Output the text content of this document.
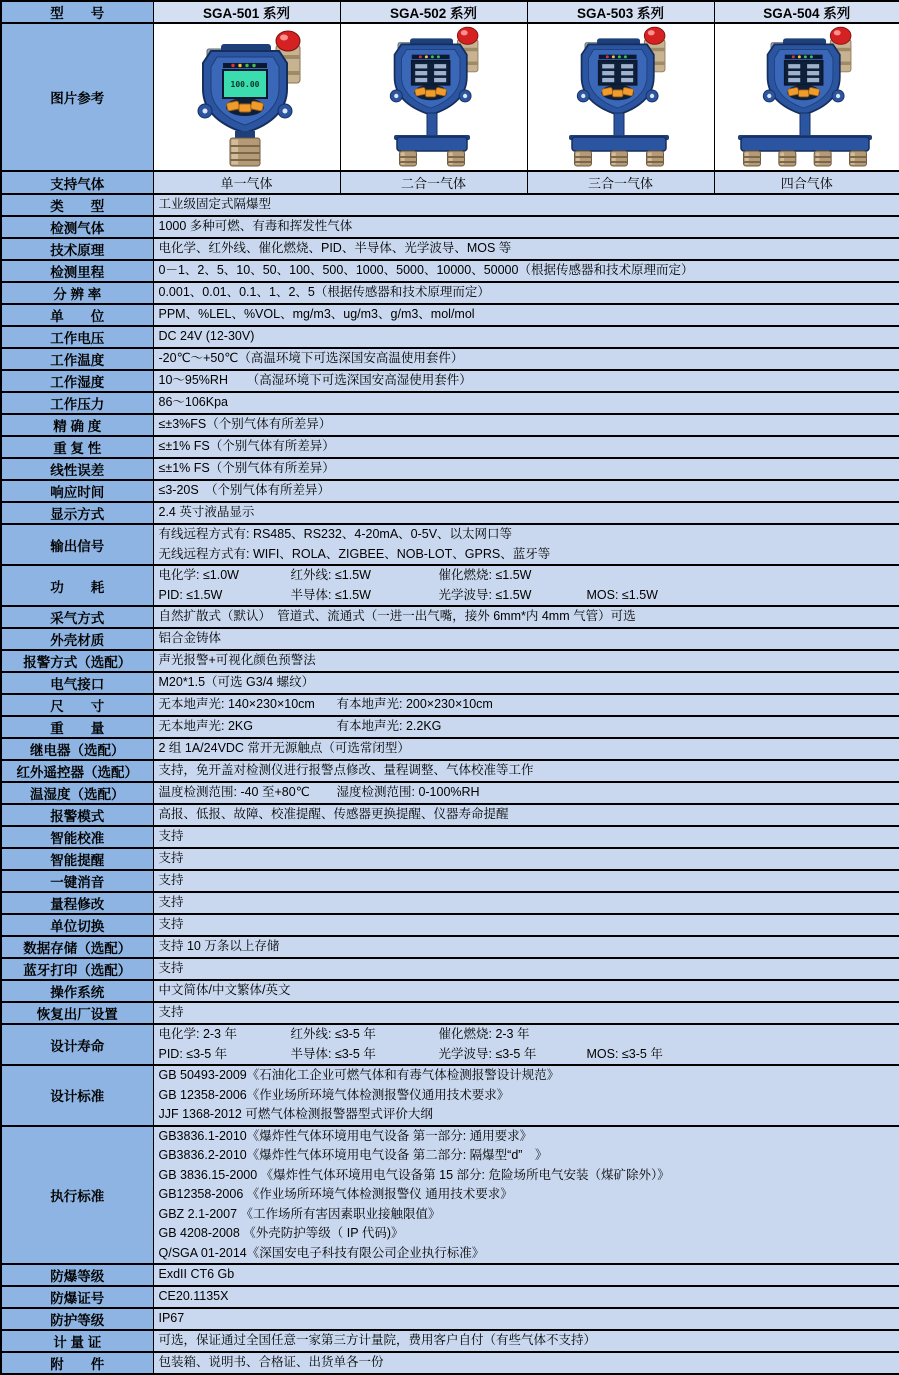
型　　号	SGA-501 系列	SGA-502 系列	SGA-503 系列	SGA-504 系列
图片参考	100.00

支持气体	单一气体	二合一气体	三合一气体	四合气体
类　　型	工业级固定式隔爆型			

检测气体	1000 多种可燃、有毒和挥发性气体			

技术原理	电化学、红外线、催化燃烧、PID、半导体、光学波导、MOS 等			

检测里程	0－1、2、5、10、50、100、500、1000、5000、10000、50000（根据传感器和技术原理而定）			

分 辨 率	0.001、0.01、0.1、1、2、5（根据传感器和技术原理而定）			

单　　位	PPM、%LEL、%VOL、mg/m3、ug/m3、g/m3、mol/mol			

工作电压	DC 24V (12-30V)			

工作温度	-20℃～+50℃（高温环境下可选深国安高温使用套件）			

工作湿度	10～95%RH　　（高湿环境下可选深国安高湿使用套件）			

工作压力	86～106Kpa			

精 确 度	≤±3%FS（个别气体有所差异）			

重 复 性	≤±1% FS（个别气体有所差异）			

线性误差	≤±1% FS（个别气体有所差异）			

响应时间	≤3-20S　（个别气体有所差异）			

显示方式	2.4 英寸液晶显示			

输出信号	有线远程方式有: RS485、RS232、4-20mA、0-5V、以太网口等
无线远程方式有: WIFI、ROLA、ZIGBEE、NOB-LOT、GPRS、蓝牙等			

功　　耗	电化学: ≤1.0W 红外线: ≤1.5W 催化燃烧: ≤1.5W
PID: ≤1.5W 半导体: ≤1.5W 光学波导: ≤1.5W MOS: ≤1.5W			

采气方式	自然扩散式（默认）　管道式、流通式（一进一出气嘴，接外 6mm*内 4mm 气管）可选			

外壳材质	铝合金铸体			

报警方式（选配）	声光报警+可视化颜色预警法			

电气接口	M20*1.5（可选 G3/4 螺纹）			

尺　　寸	无本地声光: 140×230×10cm 有本地声光: 200×230×10cm			

重　　量	无本地声光: 2KG 有本地声光: 2.2KG			

继电器（选配）	2 组 1A/24VDC 常开无源触点（可选常闭型）			

红外遥控器（选配）	支持，免开盖对检测仪进行报警点修改、量程调整、气体校准等工作			

温湿度（选配）	温度检测范围: -40 至+80℃ 湿度检测范围: 0-100%RH			

报警模式	高报、低报、故障、校准提醒、传感器更换提醒、仪器寿命提醒			

智能校准	支持			

智能提醒	支持			

一键消音	支持			

量程修改	支持			

单位切换	支持			

数据存储（选配）	支持 10 万条以上存储			

蓝牙打印（选配）	支持			

操作系统	中文简体/中文繁体/英文			

恢复出厂设置	支持			

设计寿命	电化学: 2-3 年 红外线: ≤3-5 年 催化燃烧: 2-3 年
PID: ≤3-5 年 半导体: ≤3-5 年 光学波导: ≤3-5 年 MOS: ≤3-5 年			

设计标准	GB 50493-2009《石油化工企业可燃气体和有毒气体检测报警设计规范》
GB 12358-2006《作业场所环境气体检测报警仪通用技术要求》
JJF 1368-2012 可燃气体检测报警器型式评价大纲			

执行标准	
GB3836.1-2010《爆炸性气体环境用电气设备 第一部分: 通用要求》
GB3836.2-2010《爆炸性气体环境用电气设备 第二部分: 隔爆型“d”　》
GB 3836.15-2000 《爆炸性气体环境用电气设备第 15 部分: 危险场所电气安装（煤矿除外）》
GB12358-2006 《作业场所环境气体检测报警仪 通用技术要求》
GBZ 2.1-2007 《工作场所有害因素职业接触限值》
GB 4208-2008 《外壳防护等级（ IP 代码)》
Q/SGA 01-2014《深国安电子科技有限公司企业执行标准》

防爆等级	ExdII CT6 Gb			

防爆证号	CE20.1135X			

防护等级	IP67			

计 量 证	可选，保证通过全国任意一家第三方计量院，费用客户自付（有些气体不支持）			

附　　件	包装箱、说明书、合格证、出货单各一份			
